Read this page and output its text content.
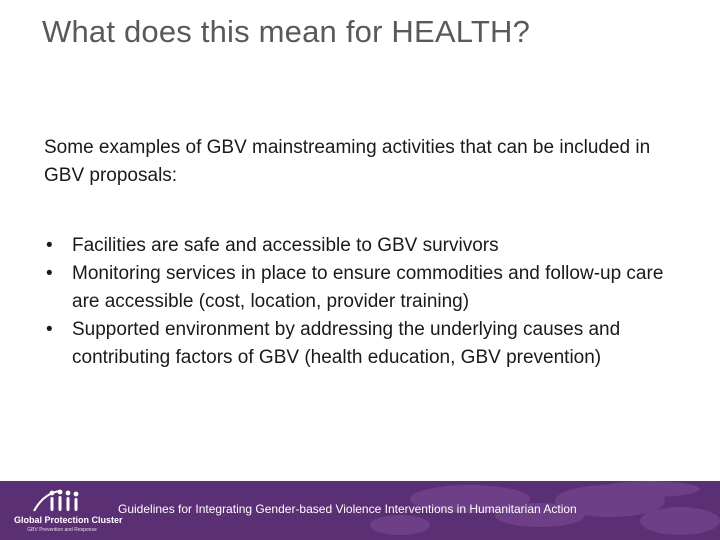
What does this mean for HEALTH?
Some examples of GBV mainstreaming activities that can be included in GBV proposals:
• Facilities are safe and accessible to GBV survivors
• Monitoring services in place to ensure commodities and follow-up care are accessible (cost, location, provider training)
• Supported environment by addressing the underlying causes and contributing factors of GBV (health education, GBV prevention)
Global Protection Cluster
GBV Prevention and Response
Guidelines for Integrating Gender-based Violence Interventions in Humanitarian Action
